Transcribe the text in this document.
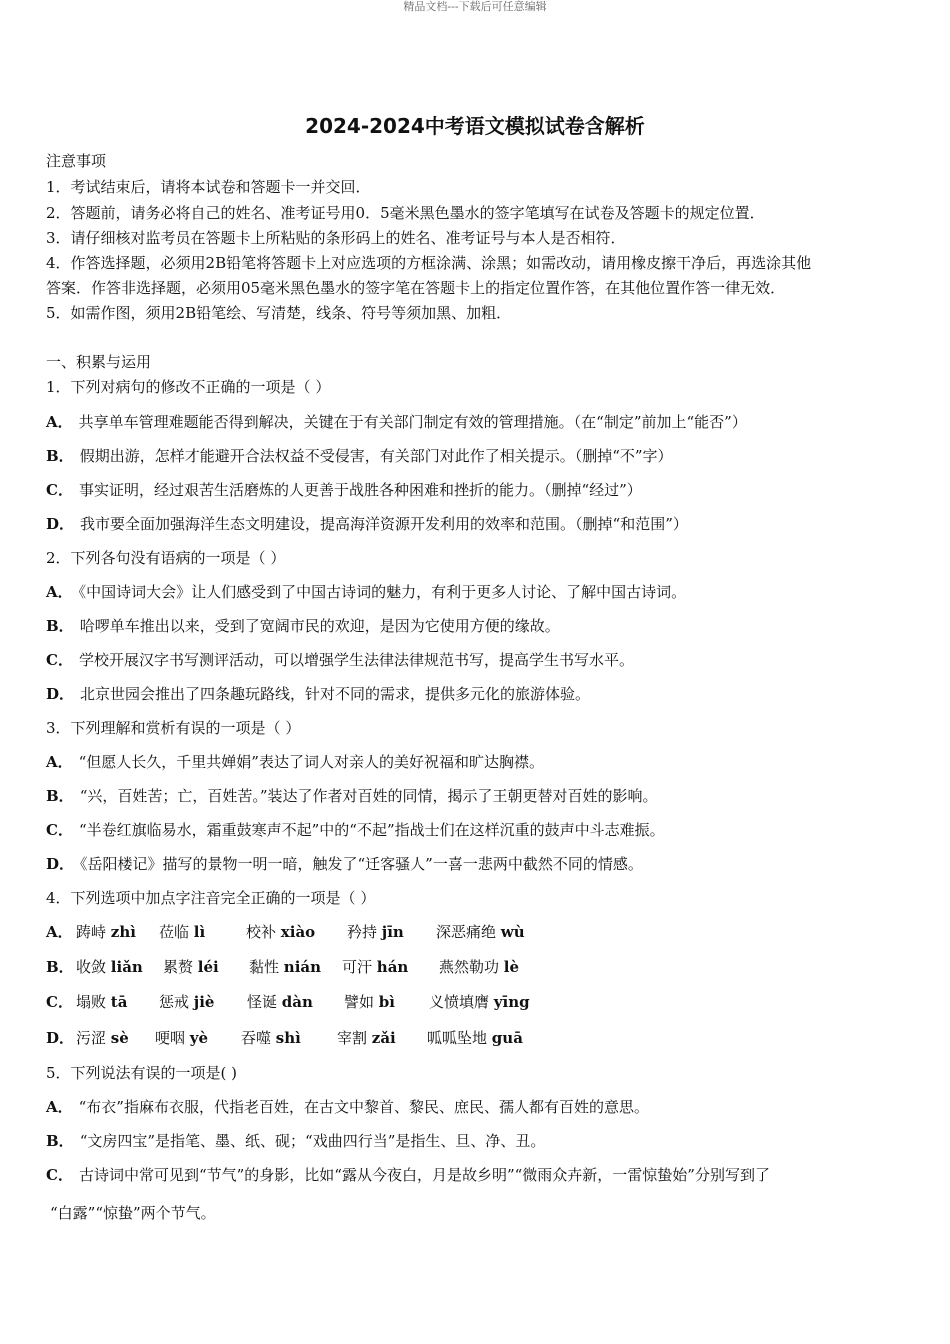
精品文档---下载后可任意编辑
2024-2024中考语文模拟试卷含解析
注意事项
1．考试结束后，请将本试卷和答题卡一并交回．
2．答题前，请务必将自己的姓名、准考证号用0．5毫米黑色墨水的签字笔填写在试卷及答题卡的规定位置．
3．请仔细核对监考员在答题卡上所粘贴的条形码上的姓名、准考证号与本人是否相符．
4．作答选择题，必须用2B铅笔将答题卡上对应选项的方框涂满、涂黑；如需改动，请用橡皮擦干净后，再选涂其他
答案．作答非选择题，必须用05毫米黑色墨水的签字笔在答题卡上的指定位置作答，在其他位置作答一律无效．
5．如需作图，须用2B铅笔绘、写清楚，线条、符号等须加黑、加粗．
一、积累与运用
1．下列对病句的修改不正确的一项是（ ）
A． 共享单车管理难题能否得到解决，关键在于有关部门制定有效的管理措施。（在“制定”前加上“能否”）
B． 假期出游，怎样才能避开合法权益不受侵害，有关部门对此作了相关提示。（删掉“不”字）
C． 事实证明，经过艰苦生活磨炼的人更善于战胜各种困难和挫折的能力。（删掉“经过”）
D． 我市要全面加强海洋生态文明建设，提高海洋资源开发利用的效率和范围。（删掉“和范围”）
2．下列各句没有语病的一项是（ ）
A． 《中国诗词大会》让人们感受到了中国古诗词的魅力，有利于更多人讨论、了解中国古诗词。
B． 哈啰单车推出以来，受到了宽阔市民的欢迎，是因为它使用方便的缘故。
C． 学校开展汉字书写测评活动，可以增强学生法律法律规范书写，提高学生书写水平。
D． 北京世园会推出了四条趣玩路线，针对不同的需求，提供多元化的旅游体验。
3．下列理解和赏析有误的一项是（ ）
A． “但愿人长久，千里共婵娟”表达了词人对亲人的美好祝福和旷达胸襟。
B． “兴，百姓苦；亡，百姓苦。”装达了作者对百姓的同情，揭示了王朝更替对百姓的影响。
C． “半卷红旗临易水，霜重鼓寒声不起”中的“不起”指战士们在这样沉重的鼓声中斗志难振。
D． 《岳阳楼记》描写的景物一明一暗，触发了“迁客骚人”一喜一悲两中截然不同的情感。
4．下列选项中加点字注音完全正确的一项是（ ）
A． 踌峙 zhì 莅临 lì	校补 xiào 矜持 jīn 深恶痛绝 wù
B． 收敛 liǎn 累赘 léi 黏性 nián 可汗 hán 燕然勒功 lè
C． 塌败 tā 惩戒 jiè 怪诞 dàn 譬如 bì 义愤填膺 yīng
D． 污涩 sè 哽咽 yè 吞噬 shì 宰割 zǎi 呱呱坠地 guā
5．下列说法有误的一项是( )
A． “布衣”指麻布衣服，代指老百姓，在古文中黎首、黎民、庶民、孺人都有百姓的意思。
B． “文房四宝”是指笔、墨、纸、砚；“戏曲四行当”是指生、旦、净、丑。
C． 古诗词中常可见到“节气”的身影，比如“露从今夜白，月是故乡明”“微雨众卉新，一雷惊蛰始”分别写到了
“白露”“惊蛰”两个节气。
